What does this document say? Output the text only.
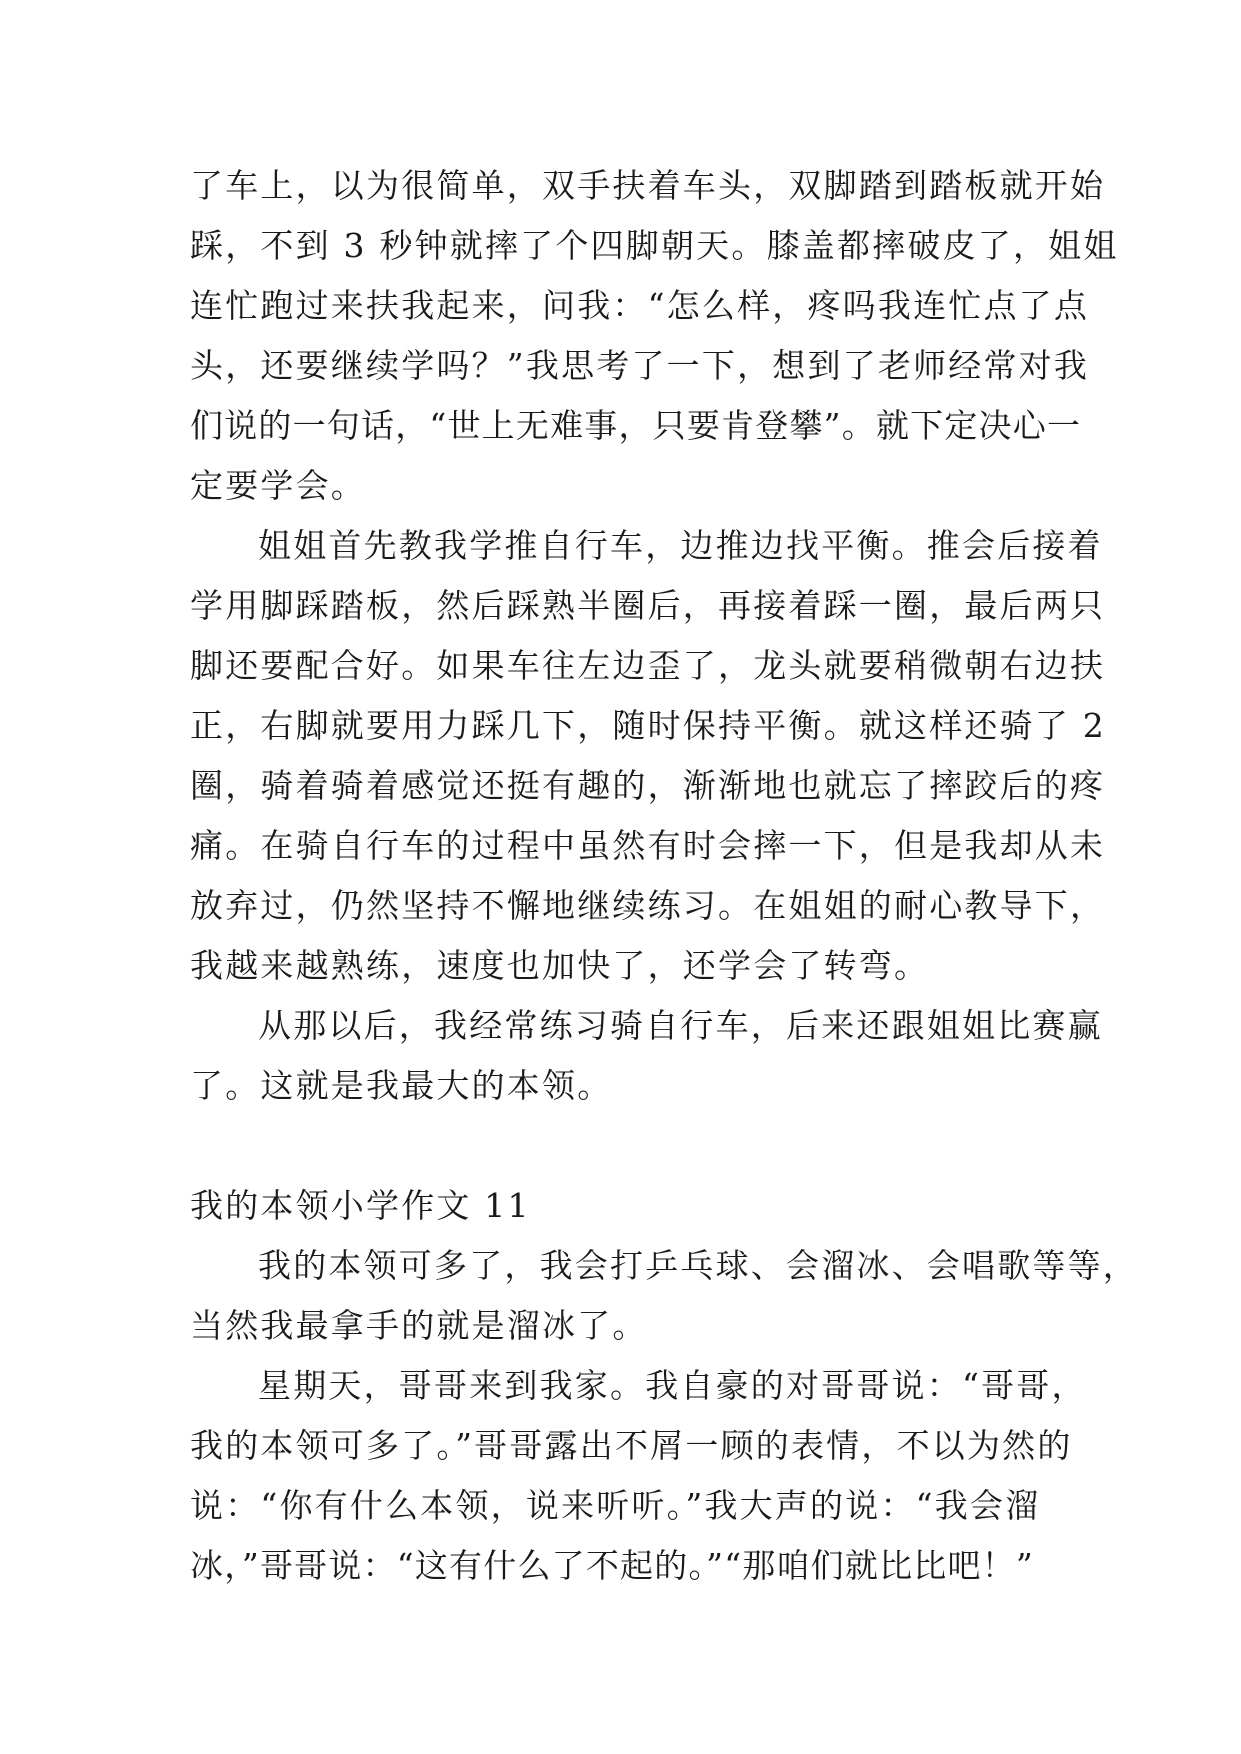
了车上，以为很简单，双手扶着车头，双脚踏到踏板就开始
踩，不到 3 秒钟就摔了个四脚朝天。膝盖都摔破皮了，姐姐
连忙跑过来扶我起来，问我：“怎么样，疼吗我连忙点了点
头，还要继续学吗？”我思考了一下，想到了老师经常对我
们说的一句话，“世上无难事，只要肯登攀”。就下定决心一
定要学会。
姐姐首先教我学推自行车，边推边找平衡。推会后接着
学用脚踩踏板，然后踩熟半圈后，再接着踩一圈，最后两只
脚还要配合好。如果车往左边歪了，龙头就要稍微朝右边扶
正，右脚就要用力踩几下，随时保持平衡。就这样还骑了 2
圈，骑着骑着感觉还挺有趣的，渐渐地也就忘了摔跤后的疼
痛。在骑自行车的过程中虽然有时会摔一下，但是我却从未
放弃过，仍然坚持不懈地继续练习。在姐姐的耐心教导下，
我越来越熟练，速度也加快了，还学会了转弯。
从那以后，我经常练习骑自行车，后来还跟姐姐比赛赢
了。这就是我最大的本领。
我的本领小学作文 11
我的本领可多了，我会打乒乓球、会溜冰、会唱歌等等，
当然我最拿手的就是溜冰了。
星期天，哥哥来到我家。我自豪的对哥哥说：“哥哥，
我的本领可多了。”哥哥露出不屑一顾的表情，不以为然的
说：“你有什么本领，说来听听。”我大声的说：“我会溜
冰，”哥哥说：“这有什么了不起的。”“那咱们就比比吧！”
